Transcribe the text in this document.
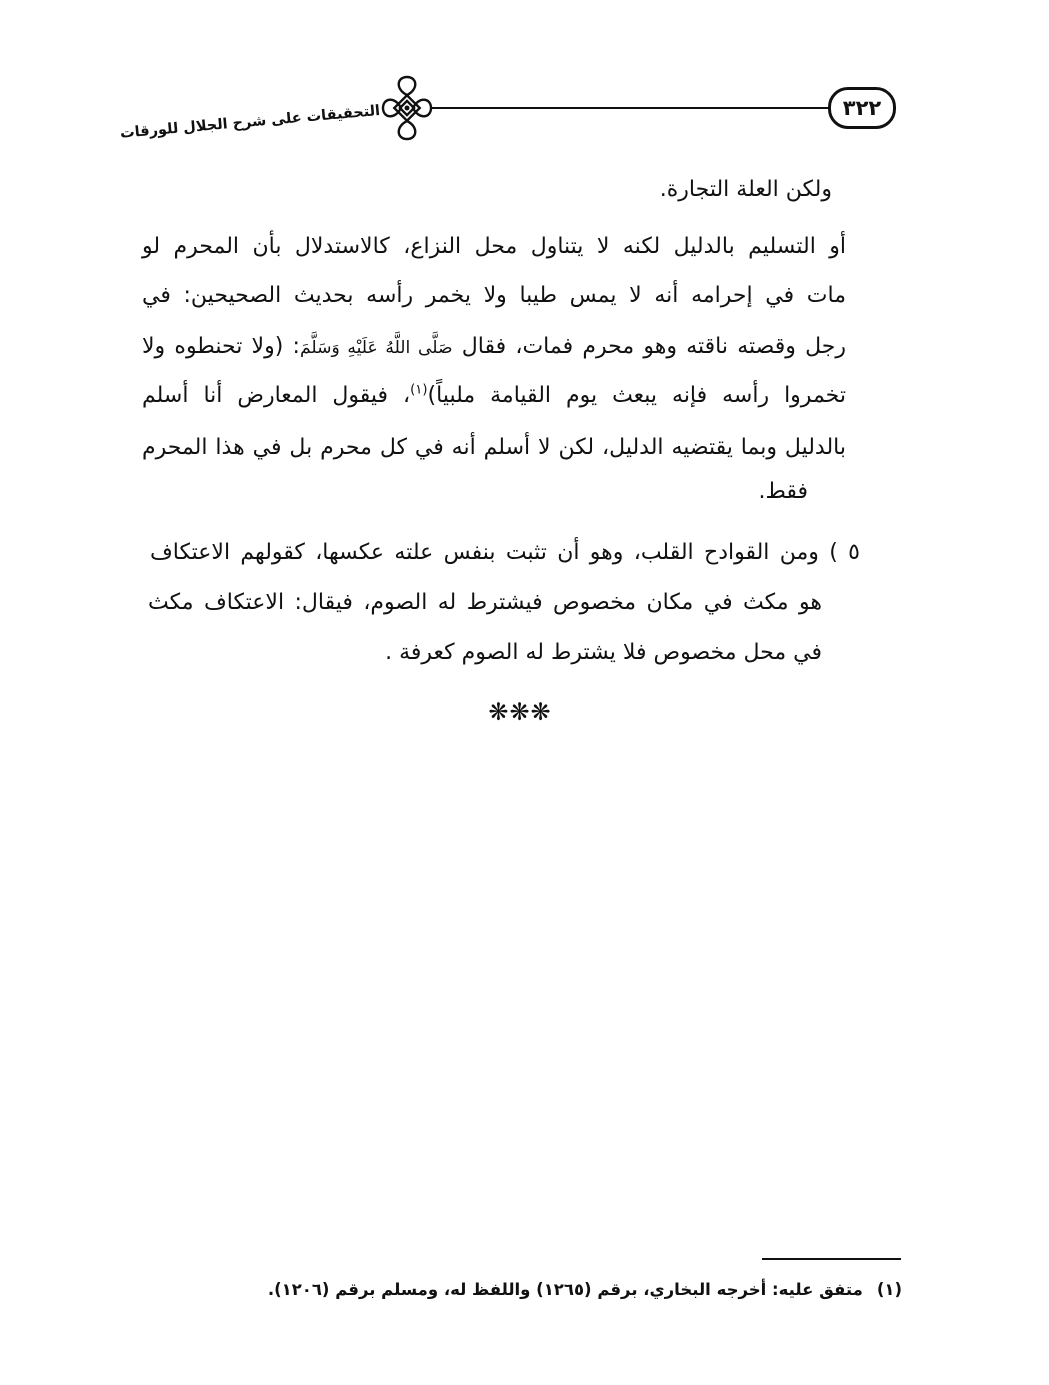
٣٢٢
التحقيقات على شرح الجلال للورقات
ولكن العلة التجارة.
أو التسليم بالدليل لكنه لا يتناول محل النزاع، كالاستدلال بأن المحرم لو
مات في إحرامه أنه لا يمس طيبا ولا يخمر رأسه بحديث الصحيحين: في
رجل وقصته ناقته وهو محرم فمات، فقال صَلَّى اللَّهُ عَلَيْهِ وَسَلَّمَ: (ولا تحنطوه ولا
تخمروا رأسه فإنه يبعث يوم القيامة ملبياً)$^{(١)}$، فيقول المعارض أنا أسلم
بالدليل وبما يقتضيه الدليل، لكن لا أسلم أنه في كل محرم بل في هذا المحرم
فقط.
٥ ) ومن القوادح القلب، وهو أن تثبت بنفس علته عكسها، كقولهم الاعتكاف
هو مكث في مكان مخصوص فيشترط له الصوم، فيقال: الاعتكاف مكث
في محل مخصوص فلا يشترط له الصوم كعرفة .
❋❋❋
(١)متفق عليه: أخرجه البخاري، برقم (١٢٦٥) واللفظ له، ومسلم برقم (١٢٠٦).
